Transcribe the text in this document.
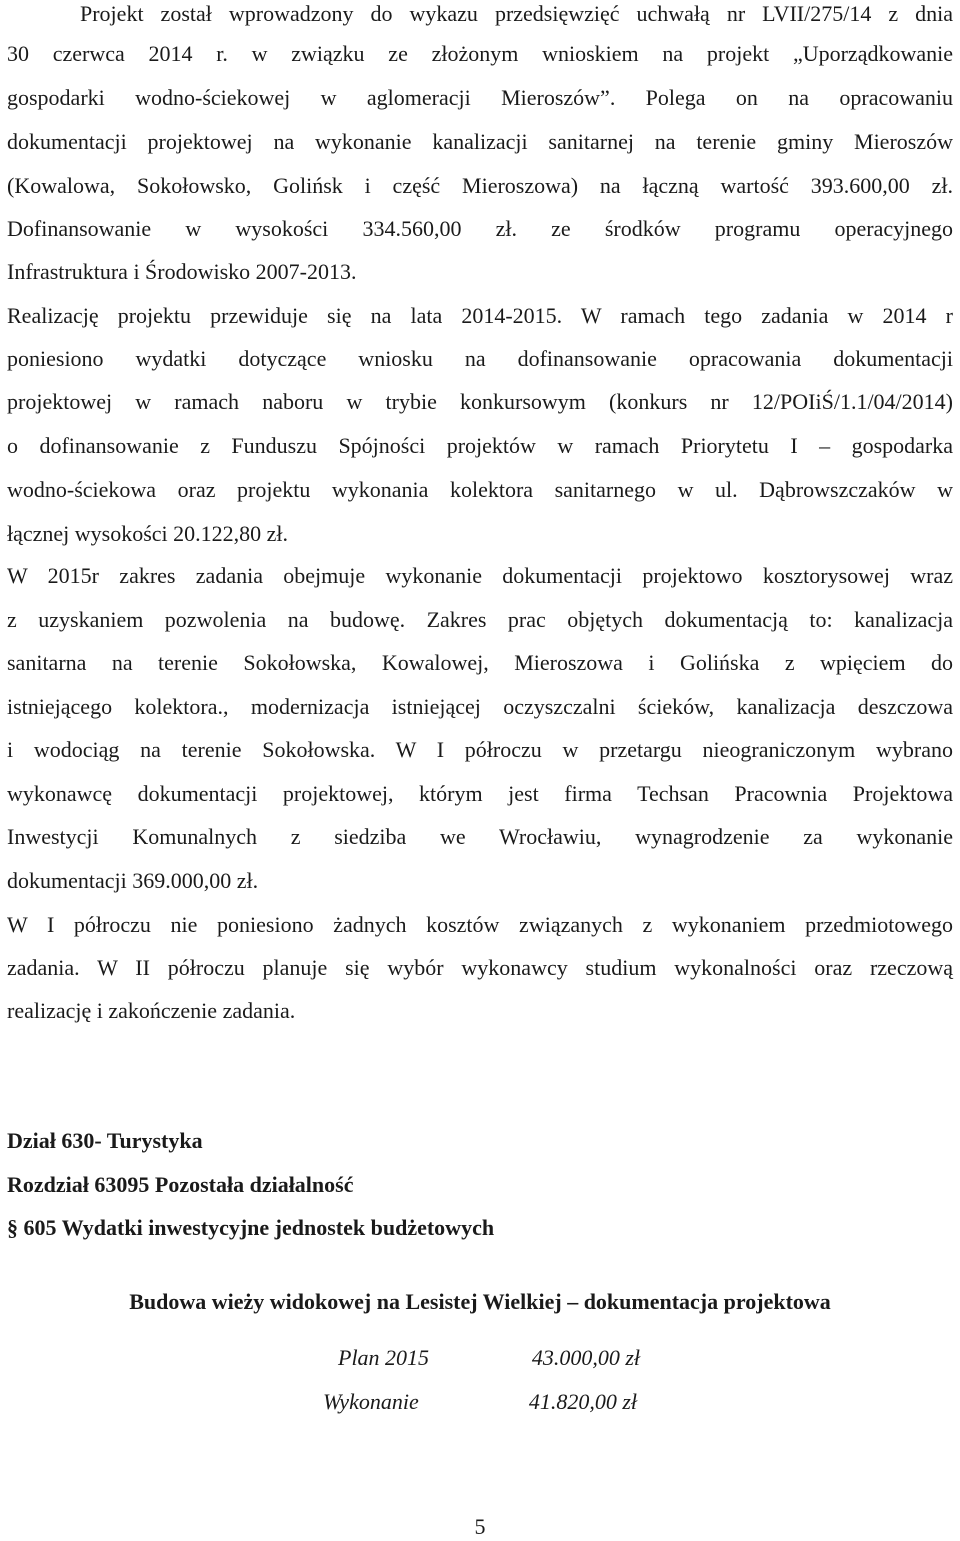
Projekt został wprowadzony do wykazu przedsięwzięć uchwałą nr LVII/275/14 z dnia
30 czerwca 2014 r. w związku ze złożonym wnioskiem na projekt „Uporządkowanie
gospodarki wodno-ściekowej w aglomeracji Mieroszów”. Polega on na opracowaniu
dokumentacji projektowej na wykonanie kanalizacji sanitarnej na terenie gminy Mieroszów
(Kowalowa, Sokołowsko, Golińsk i część Mieroszowa) na łączną wartość 393.600,00 zł.
Dofinansowanie w wysokości 334.560,00 zł. ze środków programu operacyjnego
Infrastruktura i Środowisko 2007-2013.
Realizację projektu przewiduje się na lata 2014-2015. W ramach tego zadania w 2014 r
poniesiono wydatki dotyczące wniosku na dofinansowanie opracowania dokumentacji
projektowej w ramach naboru w trybie konkursowym (konkurs nr 12/POIiŚ/1.1/04/2014)
o dofinansowanie z Funduszu Spójności projektów w ramach Priorytetu I – gospodarka
wodno-ściekowa oraz projektu wykonania kolektora sanitarnego w ul. Dąbrowszczaków w
łącznej wysokości 20.122,80 zł.
W 2015r zakres zadania obejmuje wykonanie dokumentacji projektowo kosztorysowej wraz
z uzyskaniem pozwolenia na budowę. Zakres prac objętych dokumentacją to: kanalizacja
sanitarna na terenie Sokołowska, Kowalowej, Mieroszowa i Golińska z wpięciem do
istniejącego kolektora., modernizacja istniejącej oczyszczalni ścieków, kanalizacja deszczowa
i wodociąg na terenie Sokołowska. W I półroczu w przetargu nieograniczonym wybrano
wykonawcę dokumentacji projektowej, którym jest firma Techsan Pracownia Projektowa
Inwestycji Komunalnych z siedziba we Wrocławiu, wynagrodzenie za wykonanie
dokumentacji 369.000,00 zł.
W I półroczu nie poniesiono żadnych kosztów związanych z wykonaniem przedmiotowego
zadania. W II półroczu planuje się wybór wykonawcy studium wykonalności oraz rzeczową
realizację i zakończenie zadania.
Dział 630- Turystyka
Rozdział 63095 Pozostała działalność
§ 605 Wydatki inwestycyjne jednostek budżetowych
Budowa wieży widokowej na Lesistej Wielkiej – dokumentacja projektowa
Plan 2015	43.000,00 zł
Wykonanie	41.820,00 zł
5
